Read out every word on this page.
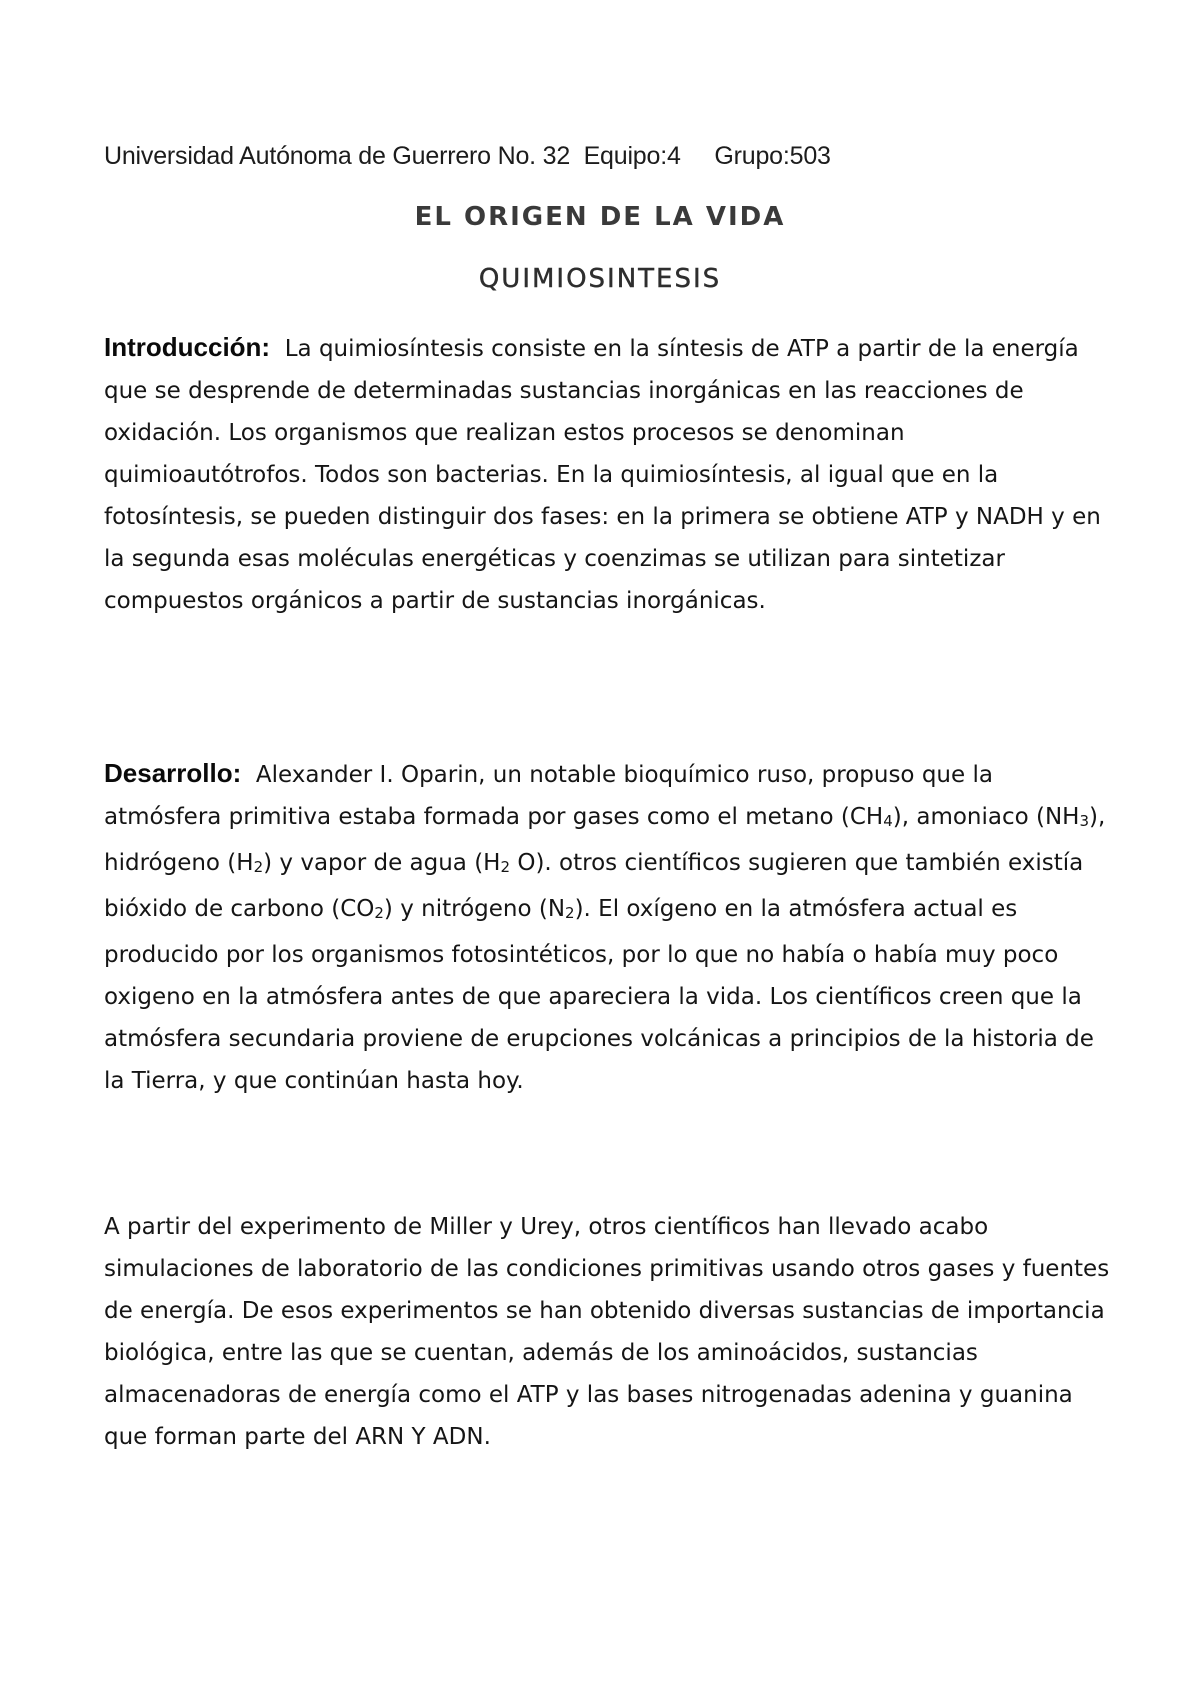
Universidad Autónoma de Guerrero No. 32  Equipo:4     Grupo:503
EL ORIGEN DE LA VIDA
QUIMIOSINTESIS

Introducción: La quimiosíntesis consiste en la síntesis de ATP a partir de la energía que se desprende de determinadas sustancias inorgánicas en las reacciones de oxidación. Los organismos que realizan estos procesos se denominan quimioautótrofos. Todos son bacterias. En la quimiosíntesis, al igual que en la fotosíntesis, se pueden distinguir dos fases: en la primera se obtiene ATP y NADH y en la segunda esas moléculas energéticas y coenzimas se utilizan para sintetizar compuestos orgánicos a partir de sustancias inorgánicas.

Desarrollo: Alexander I. Oparin, un notable bioquímico ruso, propuso que la atmósfera primitiva estaba formada por gases como el metano $(CH_4)$, amoniaco $(NH_3)$, hidrógeno $(H_2)$ y vapor de agua ($H_2$ O). otros científicos sugieren que también existía bióxido de carbono $(CO_2)$ y nitrógeno $(N_2)$. El oxígeno en la atmósfera actual es producido por los organismos fotosintéticos, por lo que no había o había muy poco oxigeno en la atmósfera antes de que apareciera la vida. Los científicos creen que la atmósfera secundaria proviene de erupciones volcánicas a principios de la historia de la Tierra, y que continúan hasta hoy.

A partir del experimento de Miller y Urey, otros científicos han llevado acabo simulaciones de laboratorio de las condiciones primitivas usando otros gases y fuentes de energía. De esos experimentos se han obtenido diversas sustancias de importancia biológica, entre las que se cuentan, además de los aminoácidos, sustancias almacenadoras de energía como el ATP y las bases nitrogenadas adenina y guanina que forman parte del ARN Y ADN.
